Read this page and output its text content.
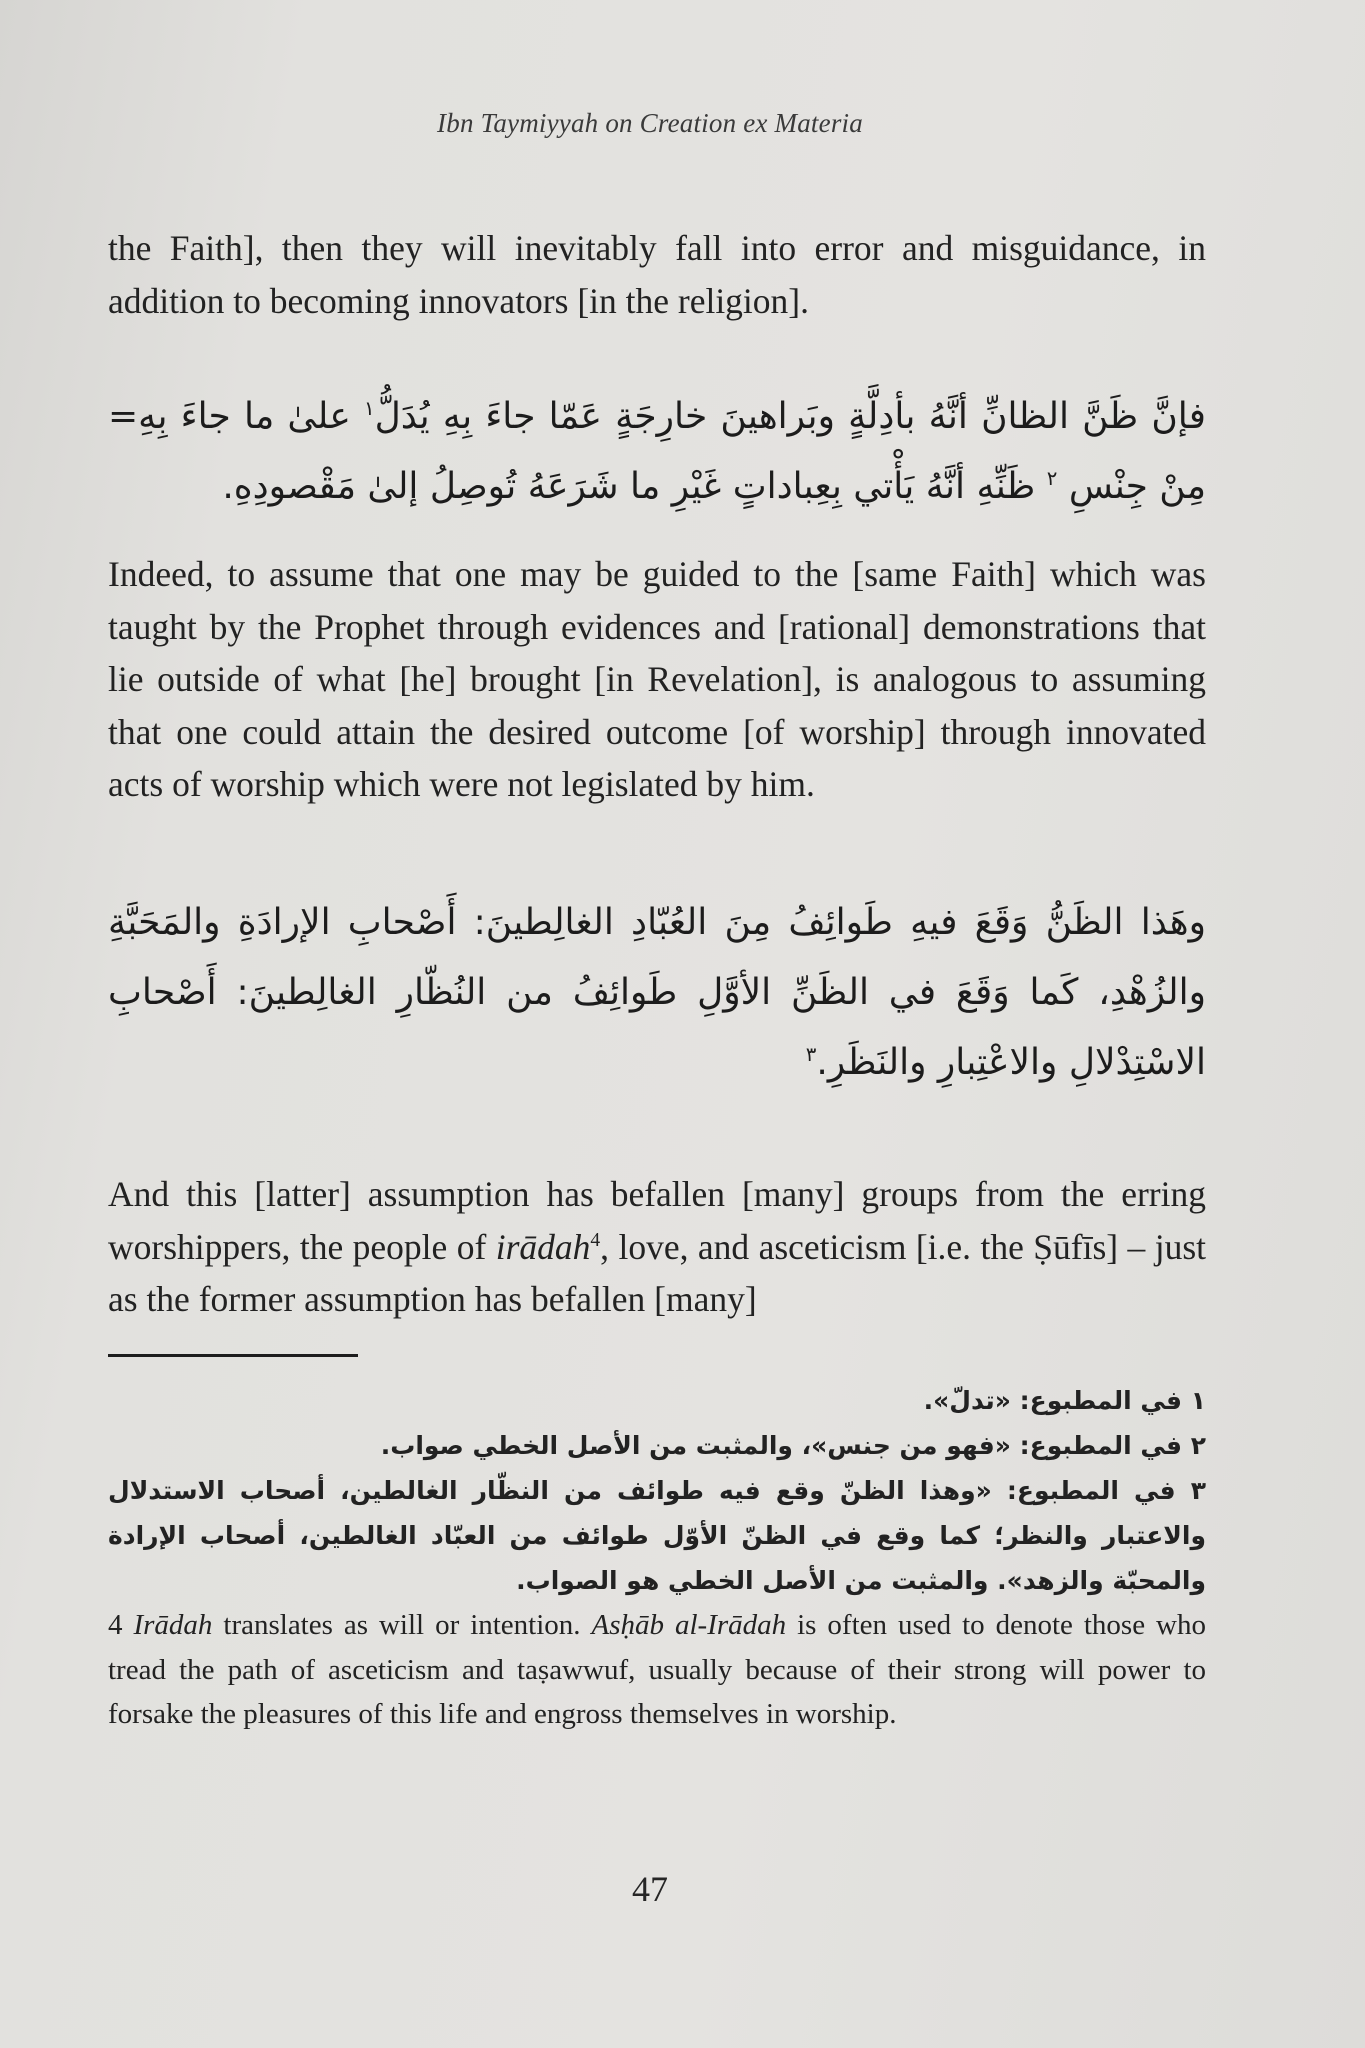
Ibn Taymiyyah on Creation ex Materia

the Faith], then they will inevitably fall into error and misguidance, in addition to becoming innovators [in the religion].

فإنَّ ظَنَّ الظانِّ أنَّهُ بأدِلَّةٍ وبَراهينَ خارِجَةٍ عَمّا جاءَ بِهِ يُدَلُّ$^١$ علىٰ ما جاءَ بِهِ= مِنْ جِنْسِ $^٢$ ظَنِّهِ أنَّهُ يَأْتي بِعِباداتٍ غَيْرِ ما شَرَعَهُ تُوصِلُ إلىٰ مَقْصودِهِ.

Indeed, to assume that one may be guided to the [same Faith] which was taught by the Prophet through evidences and [rational] demonstrations that lie outside of what [he] brought [in Revelation], is analogous to assuming that one could attain the desired outcome [of worship] through innovated acts of worship which were not legislated by him.

وهَذا الظَنُّ وَقَعَ فيهِ طَوائِفُ مِنَ العُبّادِ الغالِطينَ: أَصْحابِ الإرادَةِ والمَحَبَّةِ والزُهْدِ، كَما وَقَعَ في الظَنِّ الأوَّلِ طَوائِفُ من النُظّارِ الغالِطينَ: أَصْحابِ الاسْتِدْلالِ والاعْتِبارِ والنَظَرِ.$^٣$

And this [latter] assumption has befallen [many] groups from the erring worshippers, the people of irādah$^4$, love, and asceticism [i.e. the Ṣūfīs] – just as the former assumption has befallen [many]

١ في المطبوع: «تدلّ».

٢ في المطبوع: «فهو من جنس»، والمثبت من الأصل الخطي صواب.

٣ في المطبوع: «وهذا الظنّ وقع فيه طوائف من النظّار الغالطين، أصحاب الاستدلال والاعتبار والنظر؛ كما وقع في الظنّ الأوّل طوائف من العبّاد الغالطين، أصحاب الإرادة والمحبّة والزهد». والمثبت من الأصل الخطي هو الصواب.

4 Irādah translates as will or intention. Asḥāb al-Irādah is often used to denote those who tread the path of asceticism and taṣawwuf, usually because of their strong will power to forsake the pleasures of this life and engross themselves in worship.

47
